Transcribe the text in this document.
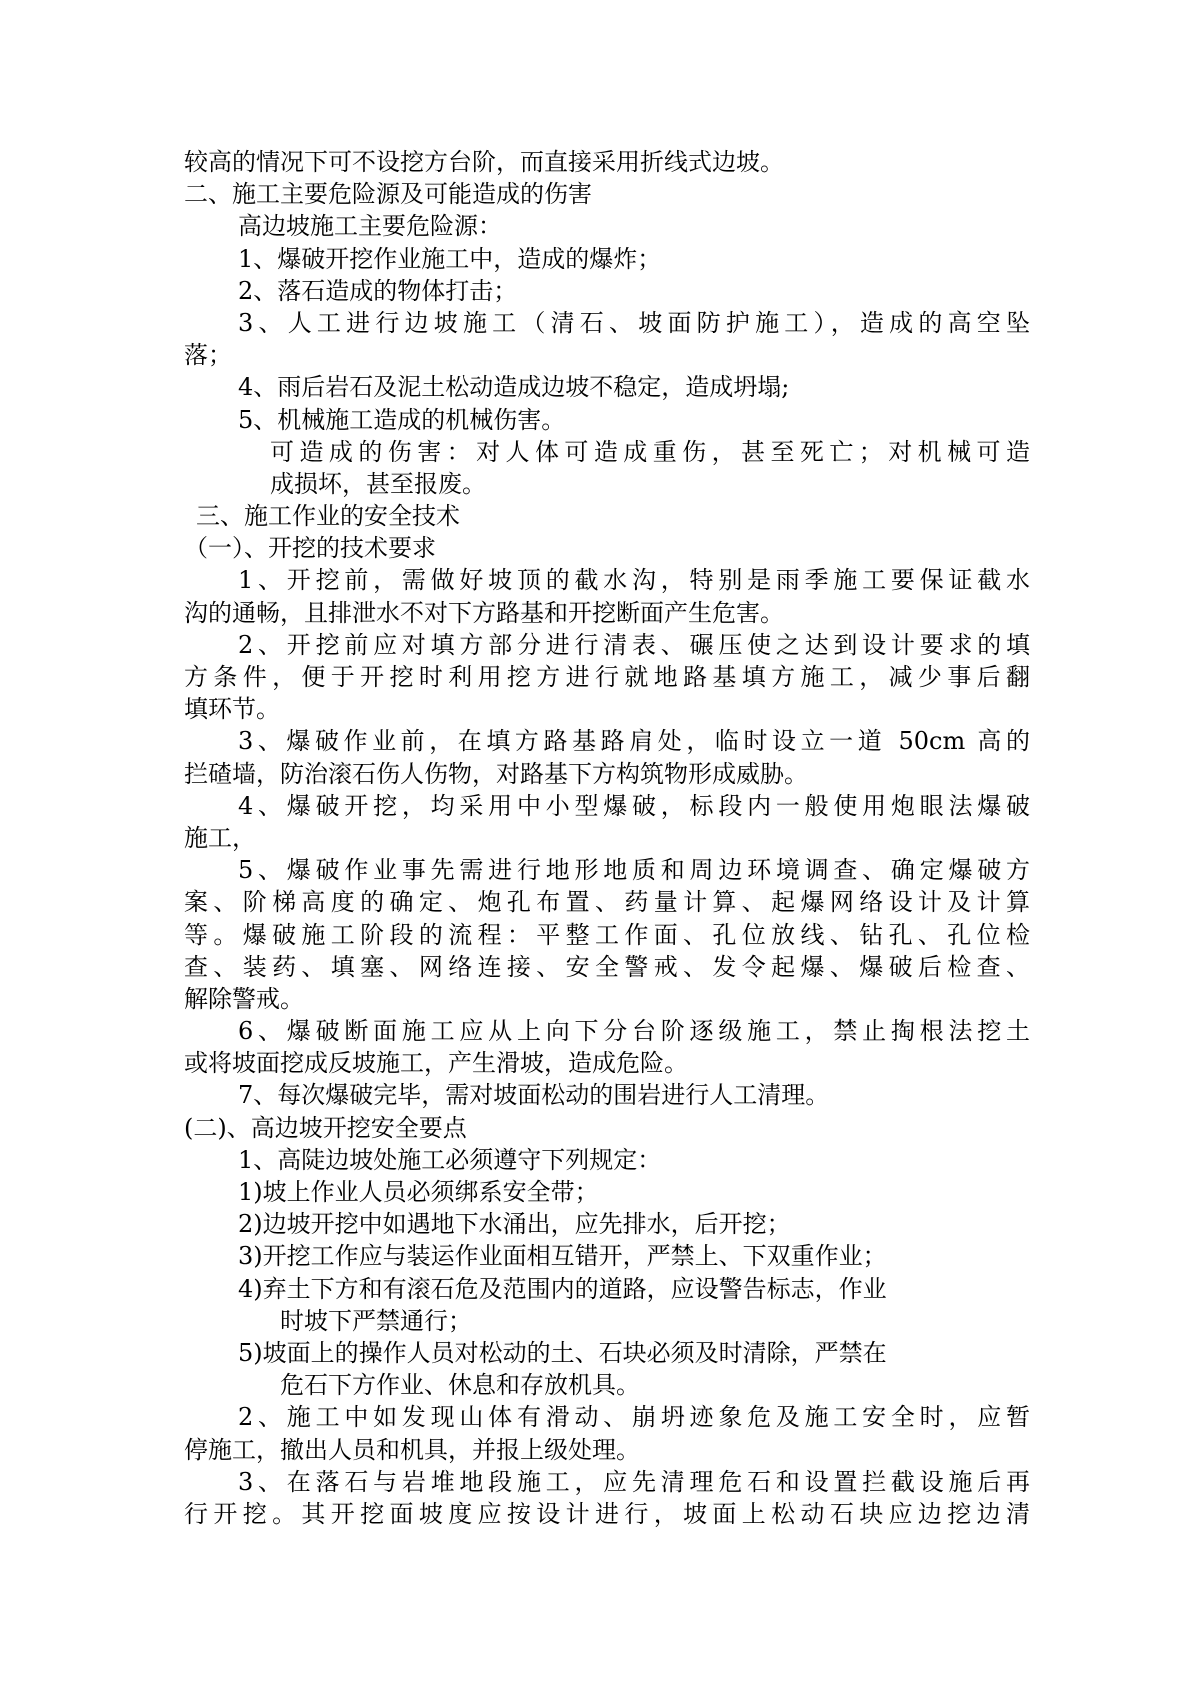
较高的情况下可不设挖方台阶，而直接采用折线式边坡。
二、施工主要危险源及可能造成的伤害
高边坡施工主要危险源：
1、爆破开挖作业施工中，造成的爆炸；
2、落石造成的物体打击；
3、人工进行边坡施工（清石、坡面防护施工），造成的高空坠
落；
4、雨后岩石及泥土松动造成边坡不稳定，造成坍塌;
5、机械施工造成的机械伤害。
可造成的伤害：对人体可造成重伤，甚至死亡；对机械可造
成损坏，甚至报废。
三、施工作业的安全技术
（一）、开挖的技术要求
1、开挖前，需做好坡顶的截水沟，特别是雨季施工要保证截水
沟的通畅，且排泄水不对下方路基和开挖断面产生危害。
2、开挖前应对填方部分进行清表、碾压使之达到设计要求的填
方条件，便于开挖时利用挖方进行就地路基填方施工，减少事后翻
填环节。
3、爆破作业前，在填方路基路肩处，临时设立一道 50cm 高的
拦碴墙，防治滚石伤人伤物，对路基下方构筑物形成威胁。
4、爆破开挖，均采用中小型爆破，标段内一般使用炮眼法爆破
施工，
5、爆破作业事先需进行地形地质和周边环境调查、确定爆破方
案、阶梯高度的确定、炮孔布置、药量计算、起爆网络设计及计算
等。爆破施工阶段的流程：平整工作面、孔位放线、钻孔、孔位检
查、装药、填塞、网络连接、安全警戒、发令起爆、爆破后检查、
解除警戒。
6、爆破断面施工应从上向下分台阶逐级施工，禁止掏根法挖土
或将坡面挖成反坡施工，产生滑坡，造成危险。
7、每次爆破完毕，需对坡面松动的围岩进行人工清理。
(二)、高边坡开挖安全要点
1、高陡边坡处施工必须遵守下列规定：
1)坡上作业人员必须绑系安全带；
2)边坡开挖中如遇地下水涌出，应先排水，后开挖；
3)开挖工作应与装运作业面相互错开，严禁上、下双重作业；
4)弃土下方和有滚石危及范围内的道路，应设警告标志，作业
时坡下严禁通行；
5)坡面上的操作人员对松动的土、石块必须及时清除，严禁在
危石下方作业、休息和存放机具。
2、施工中如发现山体有滑动、崩坍迹象危及施工安全时，应暂
停施工，撤出人员和机具，并报上级处理。
3、在落石与岩堆地段施工，应先清理危石和设置拦截设施后再
行开挖。其开挖面坡度应按设计进行，坡面上松动石块应边挖边清
